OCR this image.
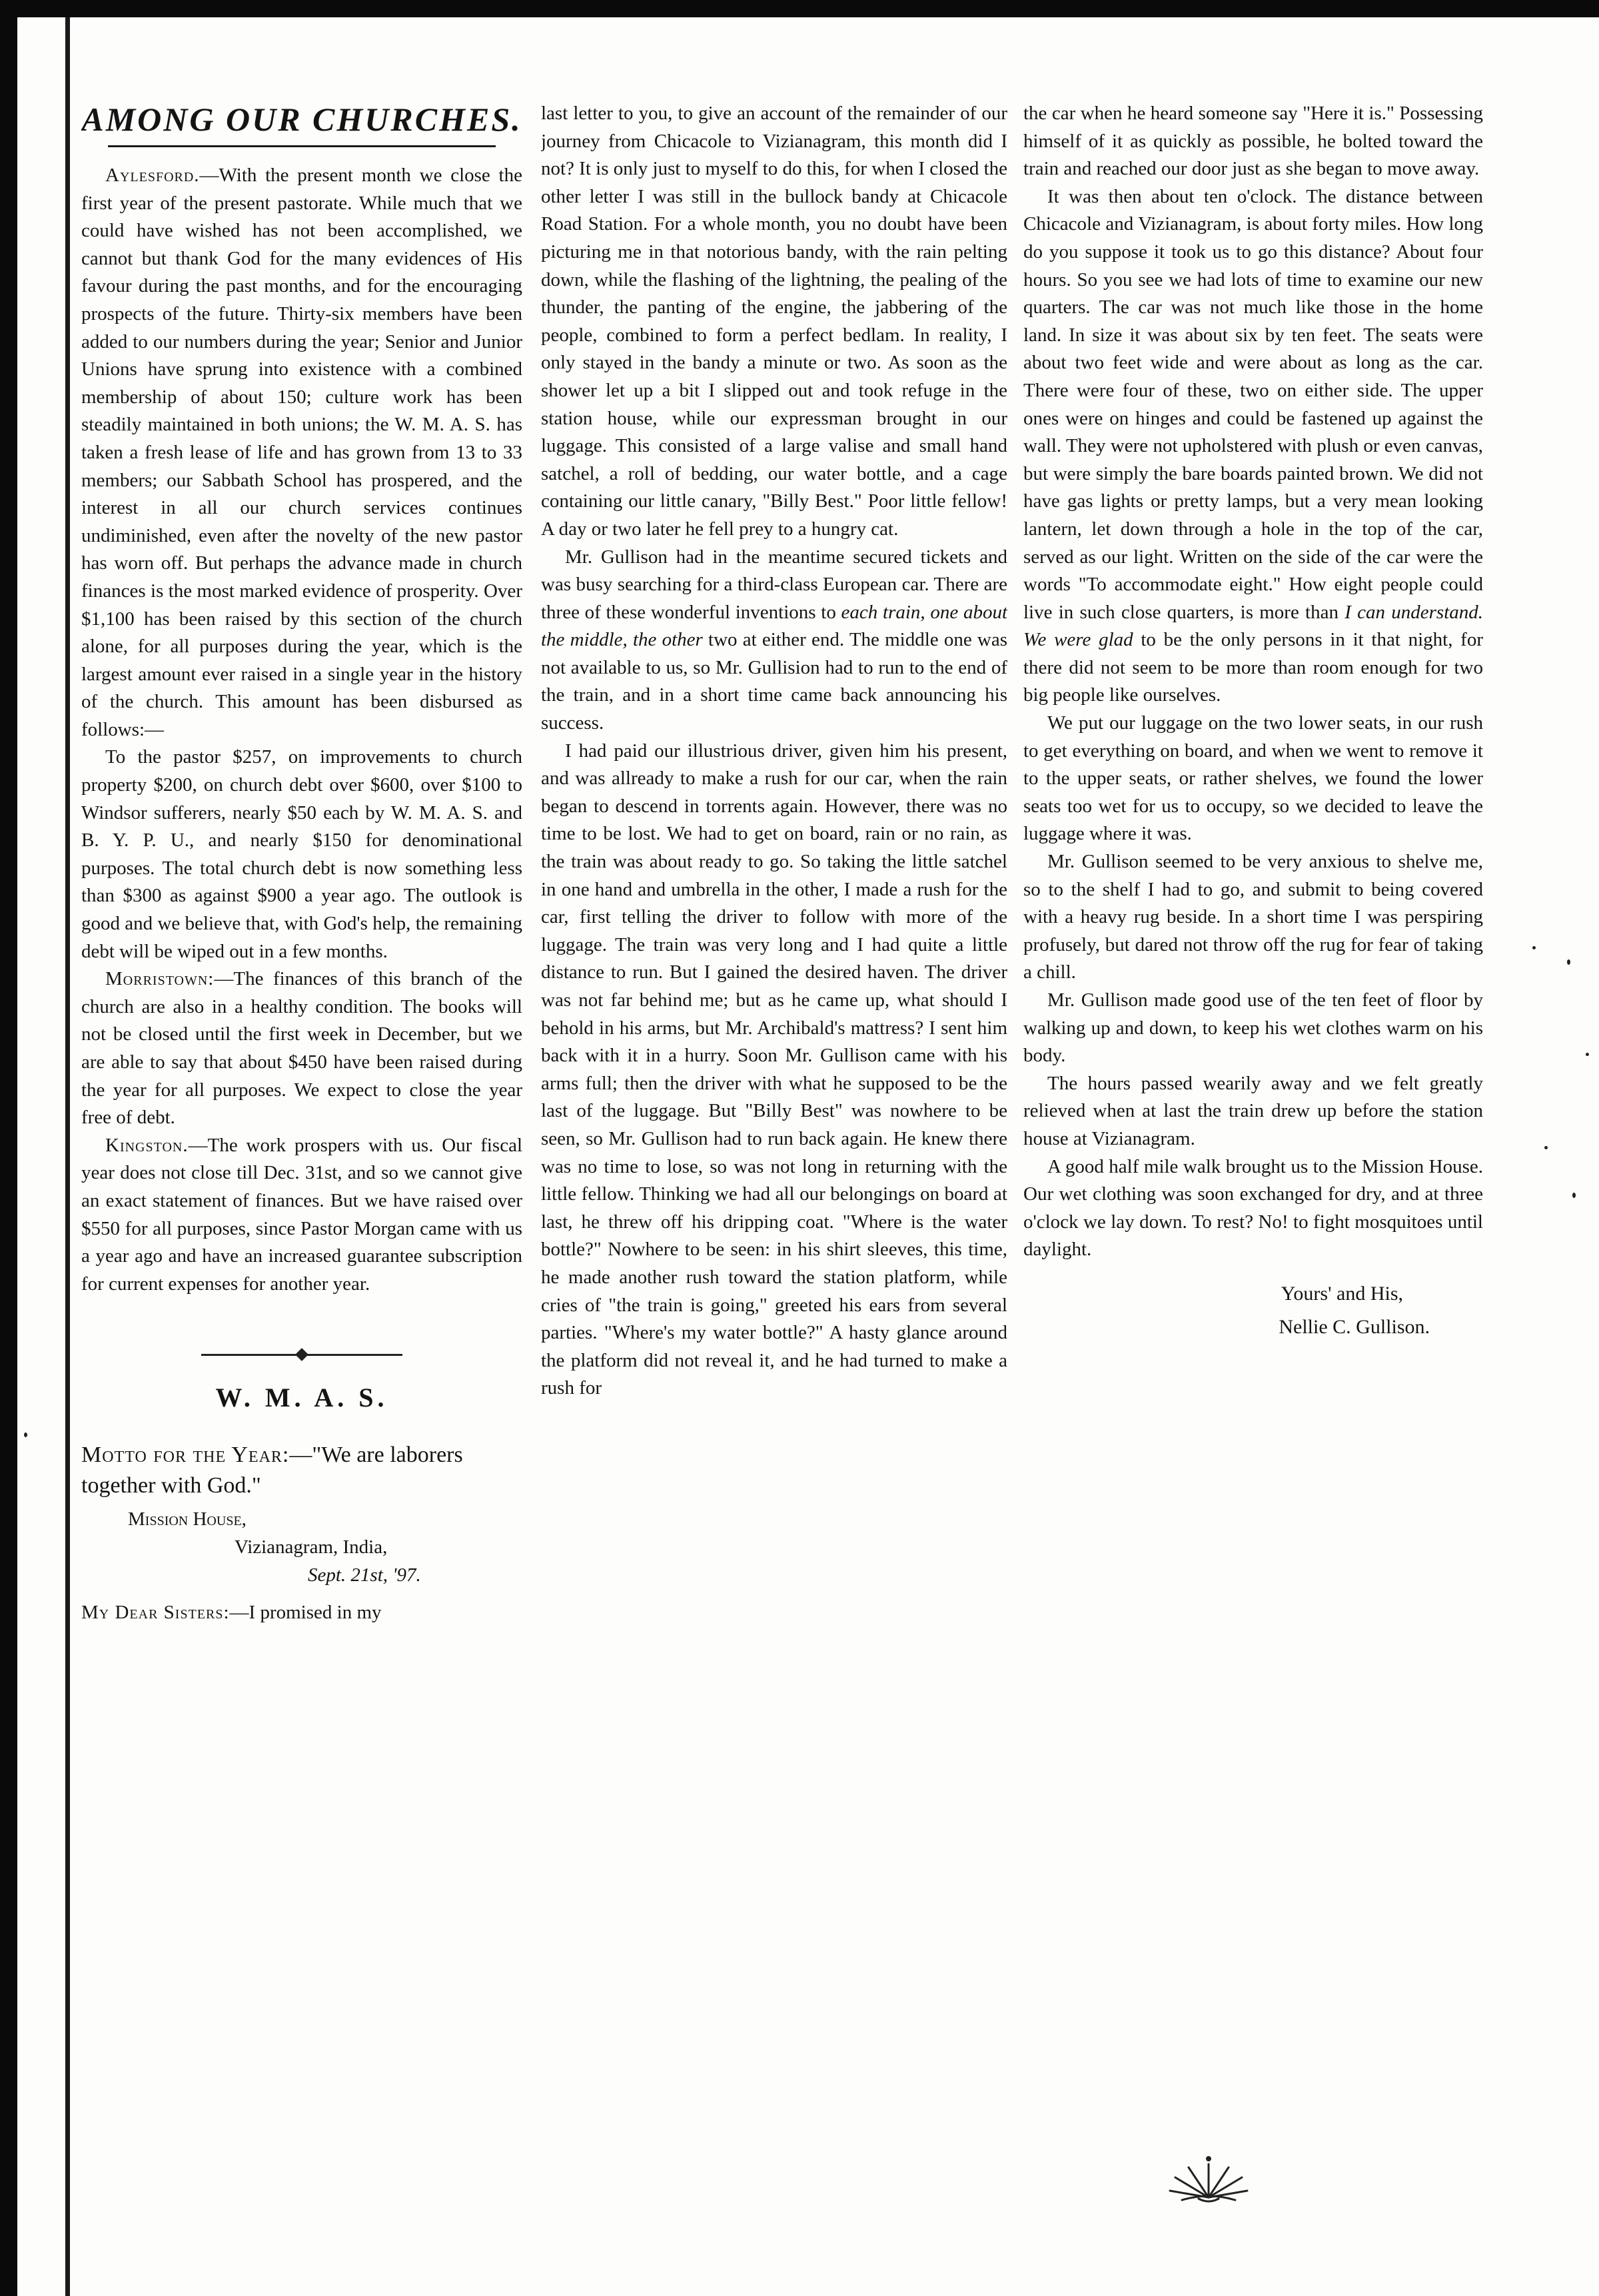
AMONG OUR CHURCHES.

Aylesford.—With the present month we close the first year of the present pastorate. While much that we could have wished has not been accomplished, we cannot but thank God for the many evidences of His favour during the past months, and for the encouraging prospects of the future. Thirty-six members have been added to our numbers during the year; Senior and Junior Unions have sprung into existence with a combined membership of about 150; culture work has been steadily maintained in both unions; the W. M. A. S. has taken a fresh lease of life and has grown from 13 to 33 members; our Sabbath School has prospered, and the interest in all our church services continues undiminished, even after the novelty of the new pastor has worn off. But perhaps the advance made in church finances is the most marked evidence of prosperity. Over $1,100 has been raised by this section of the church alone, for all purposes during the year, which is the largest amount ever raised in a single year in the history of the church. This amount has been disbursed as follows:—

To the pastor $257, on improvements to church property $200, on church debt over $600, over $100 to Windsor sufferers, nearly $50 each by W. M. A. S. and B. Y. P. U., and nearly $150 for denominational purposes. The total church debt is now something less than $300 as against $900 a year ago. The outlook is good and we believe that, with God's help, the remaining debt will be wiped out in a few months.

Morristown:—The finances of this branch of the church are also in a healthy condition. The books will not be closed until the first week in December, but we are able to say that about $450 have been raised during the year for all purposes. We expect to close the year free of debt.

Kingston.—The work prospers with us. Our fiscal year does not close till Dec. 31st, and so we cannot give an exact statement of finances. But we have raised over $550 for all purposes, since Pastor Morgan came with us a year ago and have an increased guarantee subscription for current expenses for another year.

W. M. A. S.

Motto for the Year:—"We are laborers together with God."

Mission House,

Vizianagram, India,

Sept. 21st, '97.

My Dear Sisters:—I promised in my

last letter to you, to give an account of the remainder of our journey from Chicacole to Vizianagram, this month did I not? It is only just to myself to do this, for when I closed the other letter I was still in the bullock bandy at Chicacole Road Station. For a whole month, you no doubt have been picturing me in that notorious bandy, with the rain pelting down, while the flashing of the lightning, the pealing of the thunder, the panting of the engine, the jabbering of the people, combined to form a perfect bedlam. In reality, I only stayed in the bandy a minute or two. As soon as the shower let up a bit I slipped out and took refuge in the station house, while our expressman brought in our luggage. This consisted of a large valise and small hand satchel, a roll of bedding, our water bottle, and a cage containing our little canary, "Billy Best." Poor little fellow! A day or two later he fell prey to a hungry cat.

Mr. Gullison had in the meantime secured tickets and was busy searching for a third-class European car. There are three of these wonderful inventions to each train, one about the middle, the other two at either end. The middle one was not available to us, so Mr. Gullision had to run to the end of the train, and in a short time came back announcing his success.

I had paid our illustrious driver, given him his present, and was allready to make a rush for our car, when the rain began to descend in torrents again. However, there was no time to be lost. We had to get on board, rain or no rain, as the train was about ready to go. So taking the little satchel in one hand and umbrella in the other, I made a rush for the car, first telling the driver to follow with more of the luggage. The train was very long and I had quite a little distance to run. But I gained the desired haven. The driver was not far behind me; but as he came up, what should I behold in his arms, but Mr. Archibald's mattress? I sent him back with it in a hurry. Soon Mr. Gullison came with his arms full; then the driver with what he supposed to be the last of the luggage. But "Billy Best" was nowhere to be seen, so Mr. Gullison had to run back again. He knew there was no time to lose, so was not long in returning with the little fellow. Thinking we had all our belongings on board at last, he threw off his dripping coat. "Where is the water bottle?" Nowhere to be seen: in his shirt sleeves, this time, he made another rush toward the station platform, while cries of "the train is going," greeted his ears from several parties. "Where's my water bottle?" A hasty glance around the platform did not reveal it, and he had turned to make a rush for

the car when he heard someone say "Here it is." Possessing himself of it as quickly as possible, he bolted toward the train and reached our door just as she began to move away.

It was then about ten o'clock. The distance between Chicacole and Vizianagram, is about forty miles. How long do you suppose it took us to go this distance? About four hours. So you see we had lots of time to examine our new quarters. The car was not much like those in the home land. In size it was about six by ten feet. The seats were about two feet wide and were about as long as the car. There were four of these, two on either side. The upper ones were on hinges and could be fastened up against the wall. They were not upholstered with plush or even canvas, but were simply the bare boards painted brown. We did not have gas lights or pretty lamps, but a very mean looking lantern, let down through a hole in the top of the car, served as our light. Written on the side of the car were the words "To accommodate eight." How eight people could live in such close quarters, is more than I can understand. We were glad to be the only persons in it that night, for there did not seem to be more than room enough for two big people like ourselves.

We put our luggage on the two lower seats, in our rush to get everything on board, and when we went to remove it to the upper seats, or rather shelves, we found the lower seats too wet for us to occupy, so we decided to leave the luggage where it was.

Mr. Gullison seemed to be very anxious to shelve me, so to the shelf I had to go, and submit to being covered with a heavy rug beside. In a short time I was perspiring profusely, but dared not throw off the rug for fear of taking a chill.

Mr. Gullison made good use of the ten feet of floor by walking up and down, to keep his wet clothes warm on his body.

The hours passed wearily away and we felt greatly relieved when at last the train drew up before the station house at Vizianagram.

A good half mile walk brought us to the Mission House. Our wet clothing was soon exchanged for dry, and at three o'clock we lay down. To rest? No! to fight mosquitoes until daylight.

Yours' and His,

Nellie C. Gullison.
